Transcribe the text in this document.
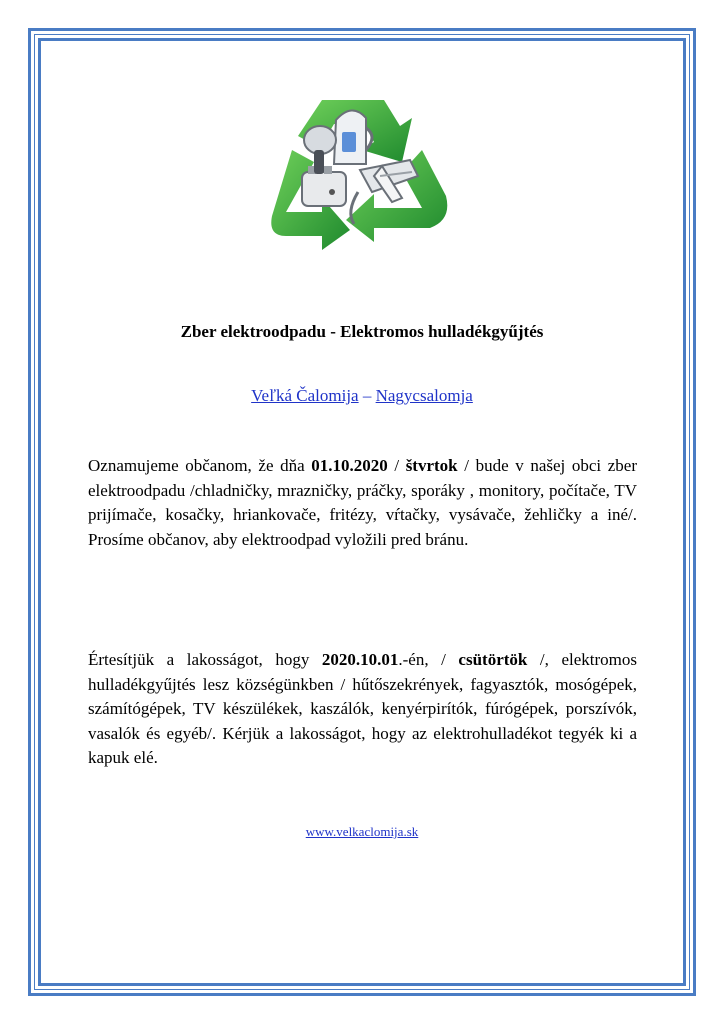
Zber elektroodpadu - Elektromos hulladékgyűjtés
Veľká Čalomija – Nagycsalomja
Oznamujeme občanom, že dňa 01.10.2020 / štvrtok / bude v našej obci zber elektroodpadu /chladničky, mrazničky, práčky, sporáky , monitory, počítače, TV prijímače, kosačky, hriankovače, fritézy, vŕtačky, vysávače, žehličky a iné/. Prosíme občanov, aby elektroodpad vyložili pred bránu.
Értesítjük a lakosságot, hogy 2020.10.01.-én, / csütörtök /, elektromos hulladékgyűjtés lesz községünkben / hűtőszekrények, fagyasztók, mosógépek, számítógépek, TV készülékek, kaszálók, kenyérpirítók, fúrógépek, porszívók, vasalók és egyéb/. Kérjük a lakosságot, hogy az elektrohulladékot tegyék ki a kapuk elé.
www.velkaclomija.sk
